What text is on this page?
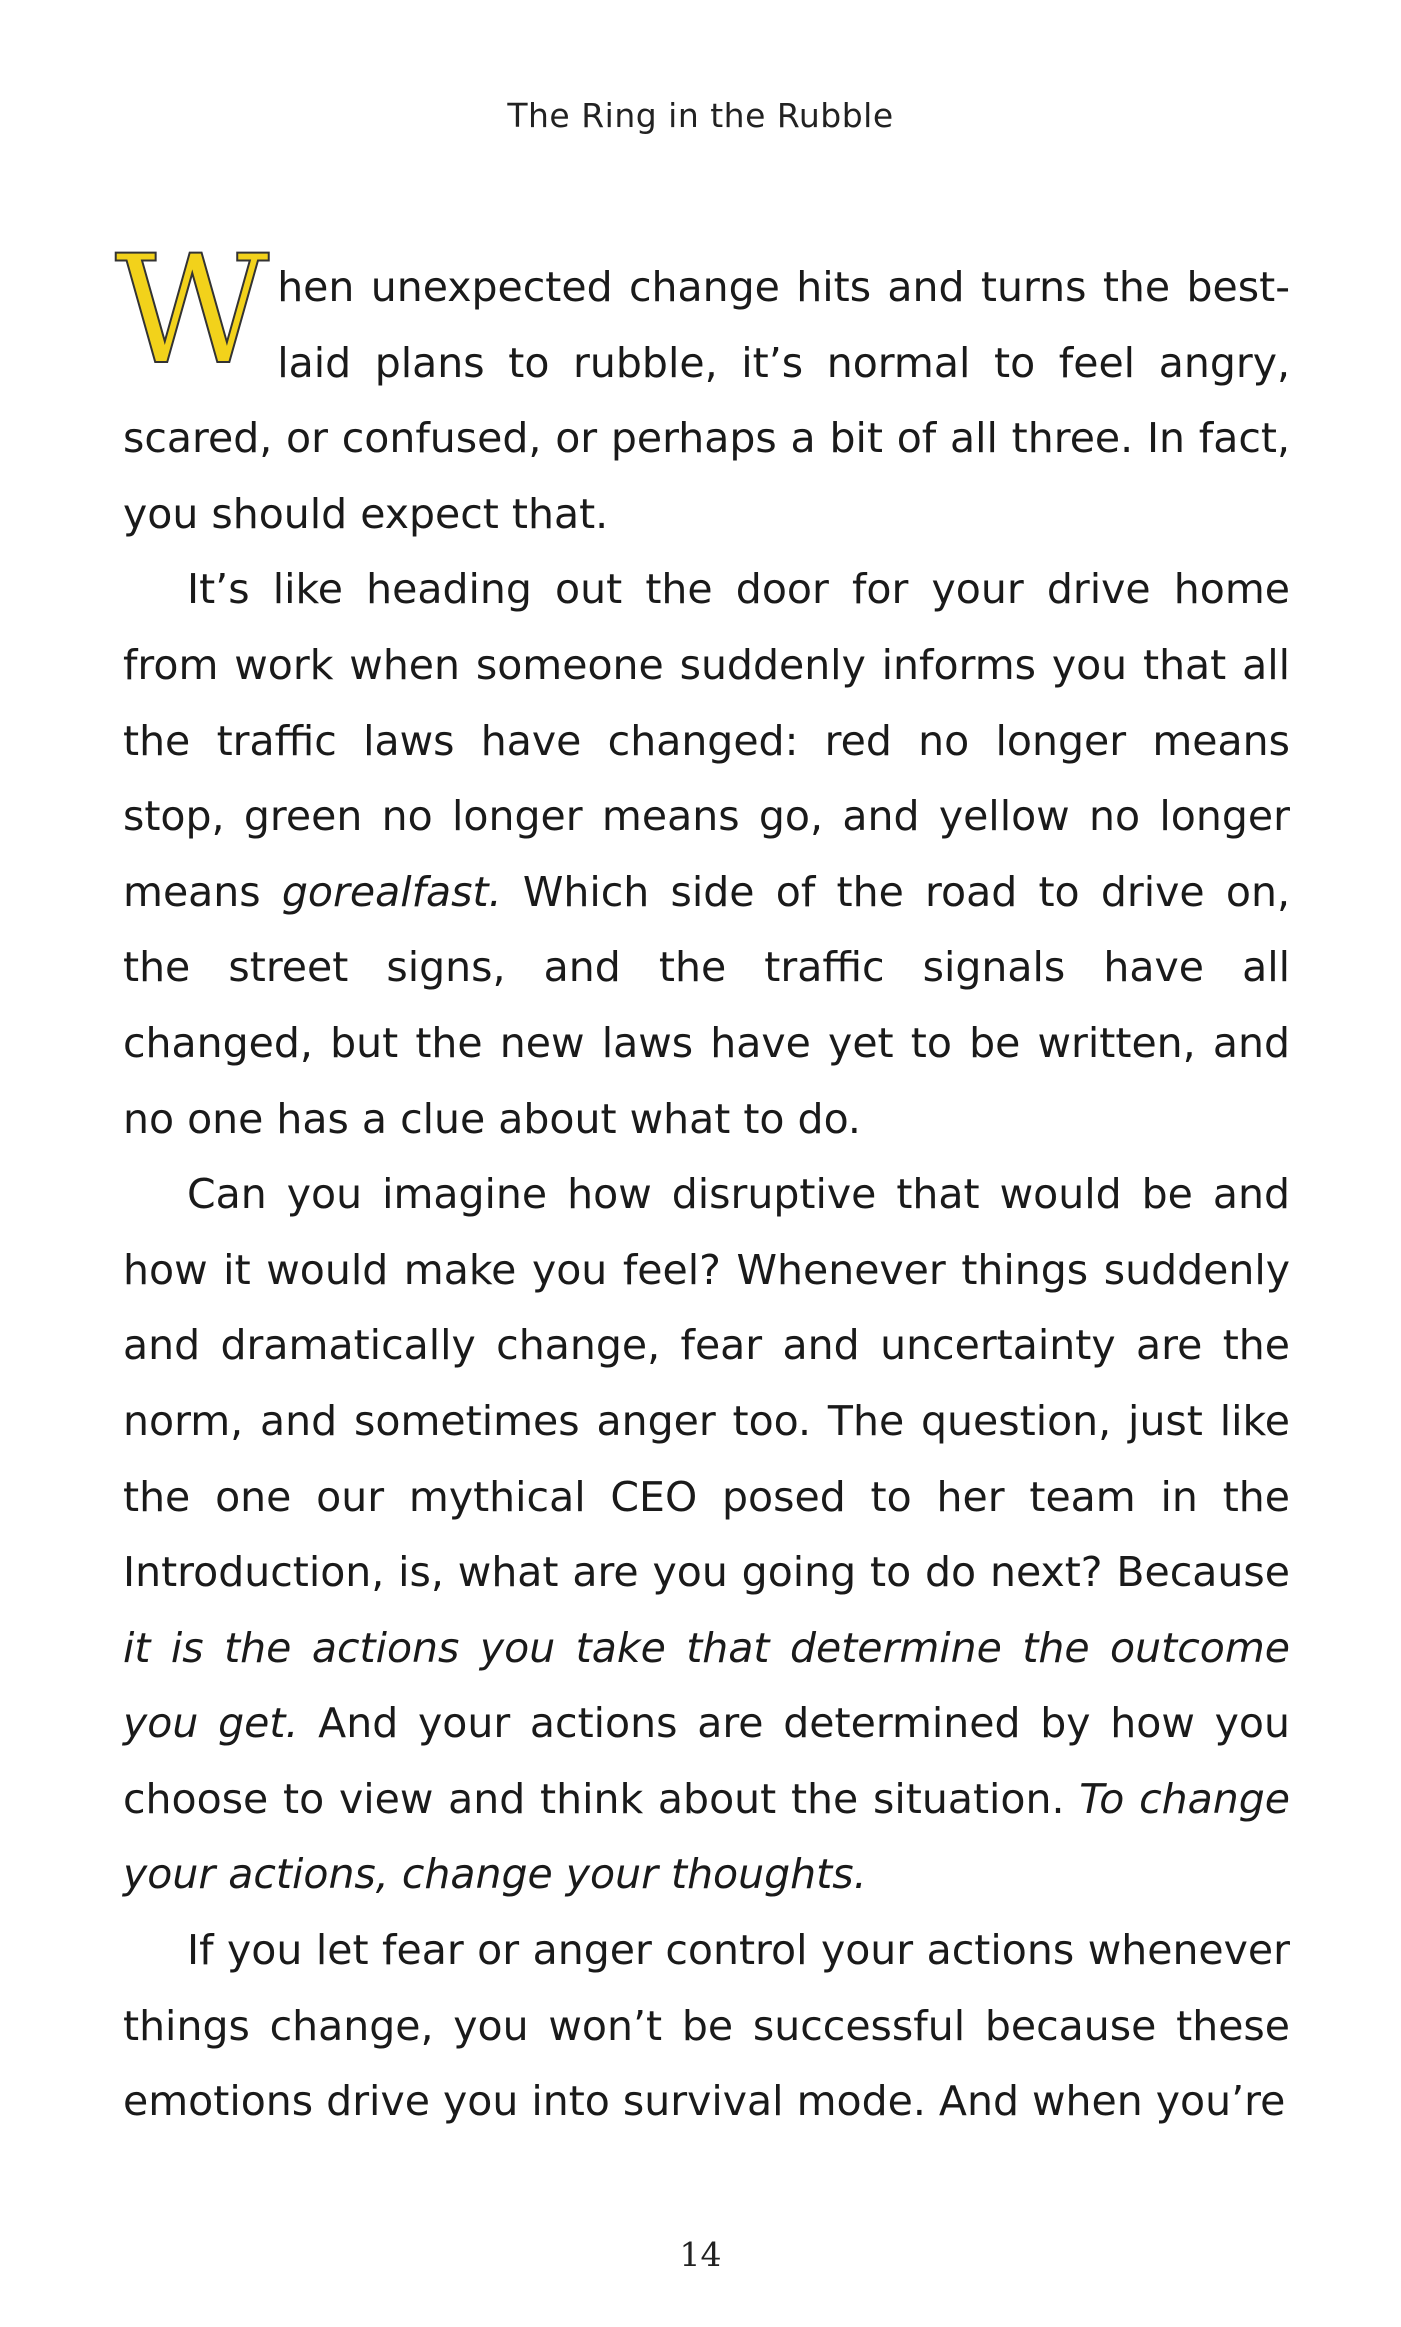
The Ring in the Rubble

When unexpected change hits and turns the best-laid plans to rubble, it’s normal to feel angry, scared, or confused, or perhaps a bit of all three. In fact, you should expect that.

It’s like heading out the door for your drive home from work when someone suddenly informs you that all the traffic laws have changed: red no longer means stop, green no longer means go, and yellow no longer means gorealfast. Which side of the road to drive on, the street signs, and the traffic signals have all changed, but the new laws have yet to be written, and no one has a clue about what to do.

Can you imagine how disruptive that would be and how it would make you feel? Whenever things suddenly and dramatically change, fear and uncertainty are the norm, and sometimes anger too. The question, just like the one our mythical CEO posed to her team in the Introduction, is, what are you going to do next? Because it is the actions you take that determine the outcome you get. And your actions are determined by how you choose to view and think about the situation. To change your actions, change your thoughts.

If you let fear or anger control your actions whenever things change, you won’t be successful because these emotions drive you into survival mode. And when you’re

14
